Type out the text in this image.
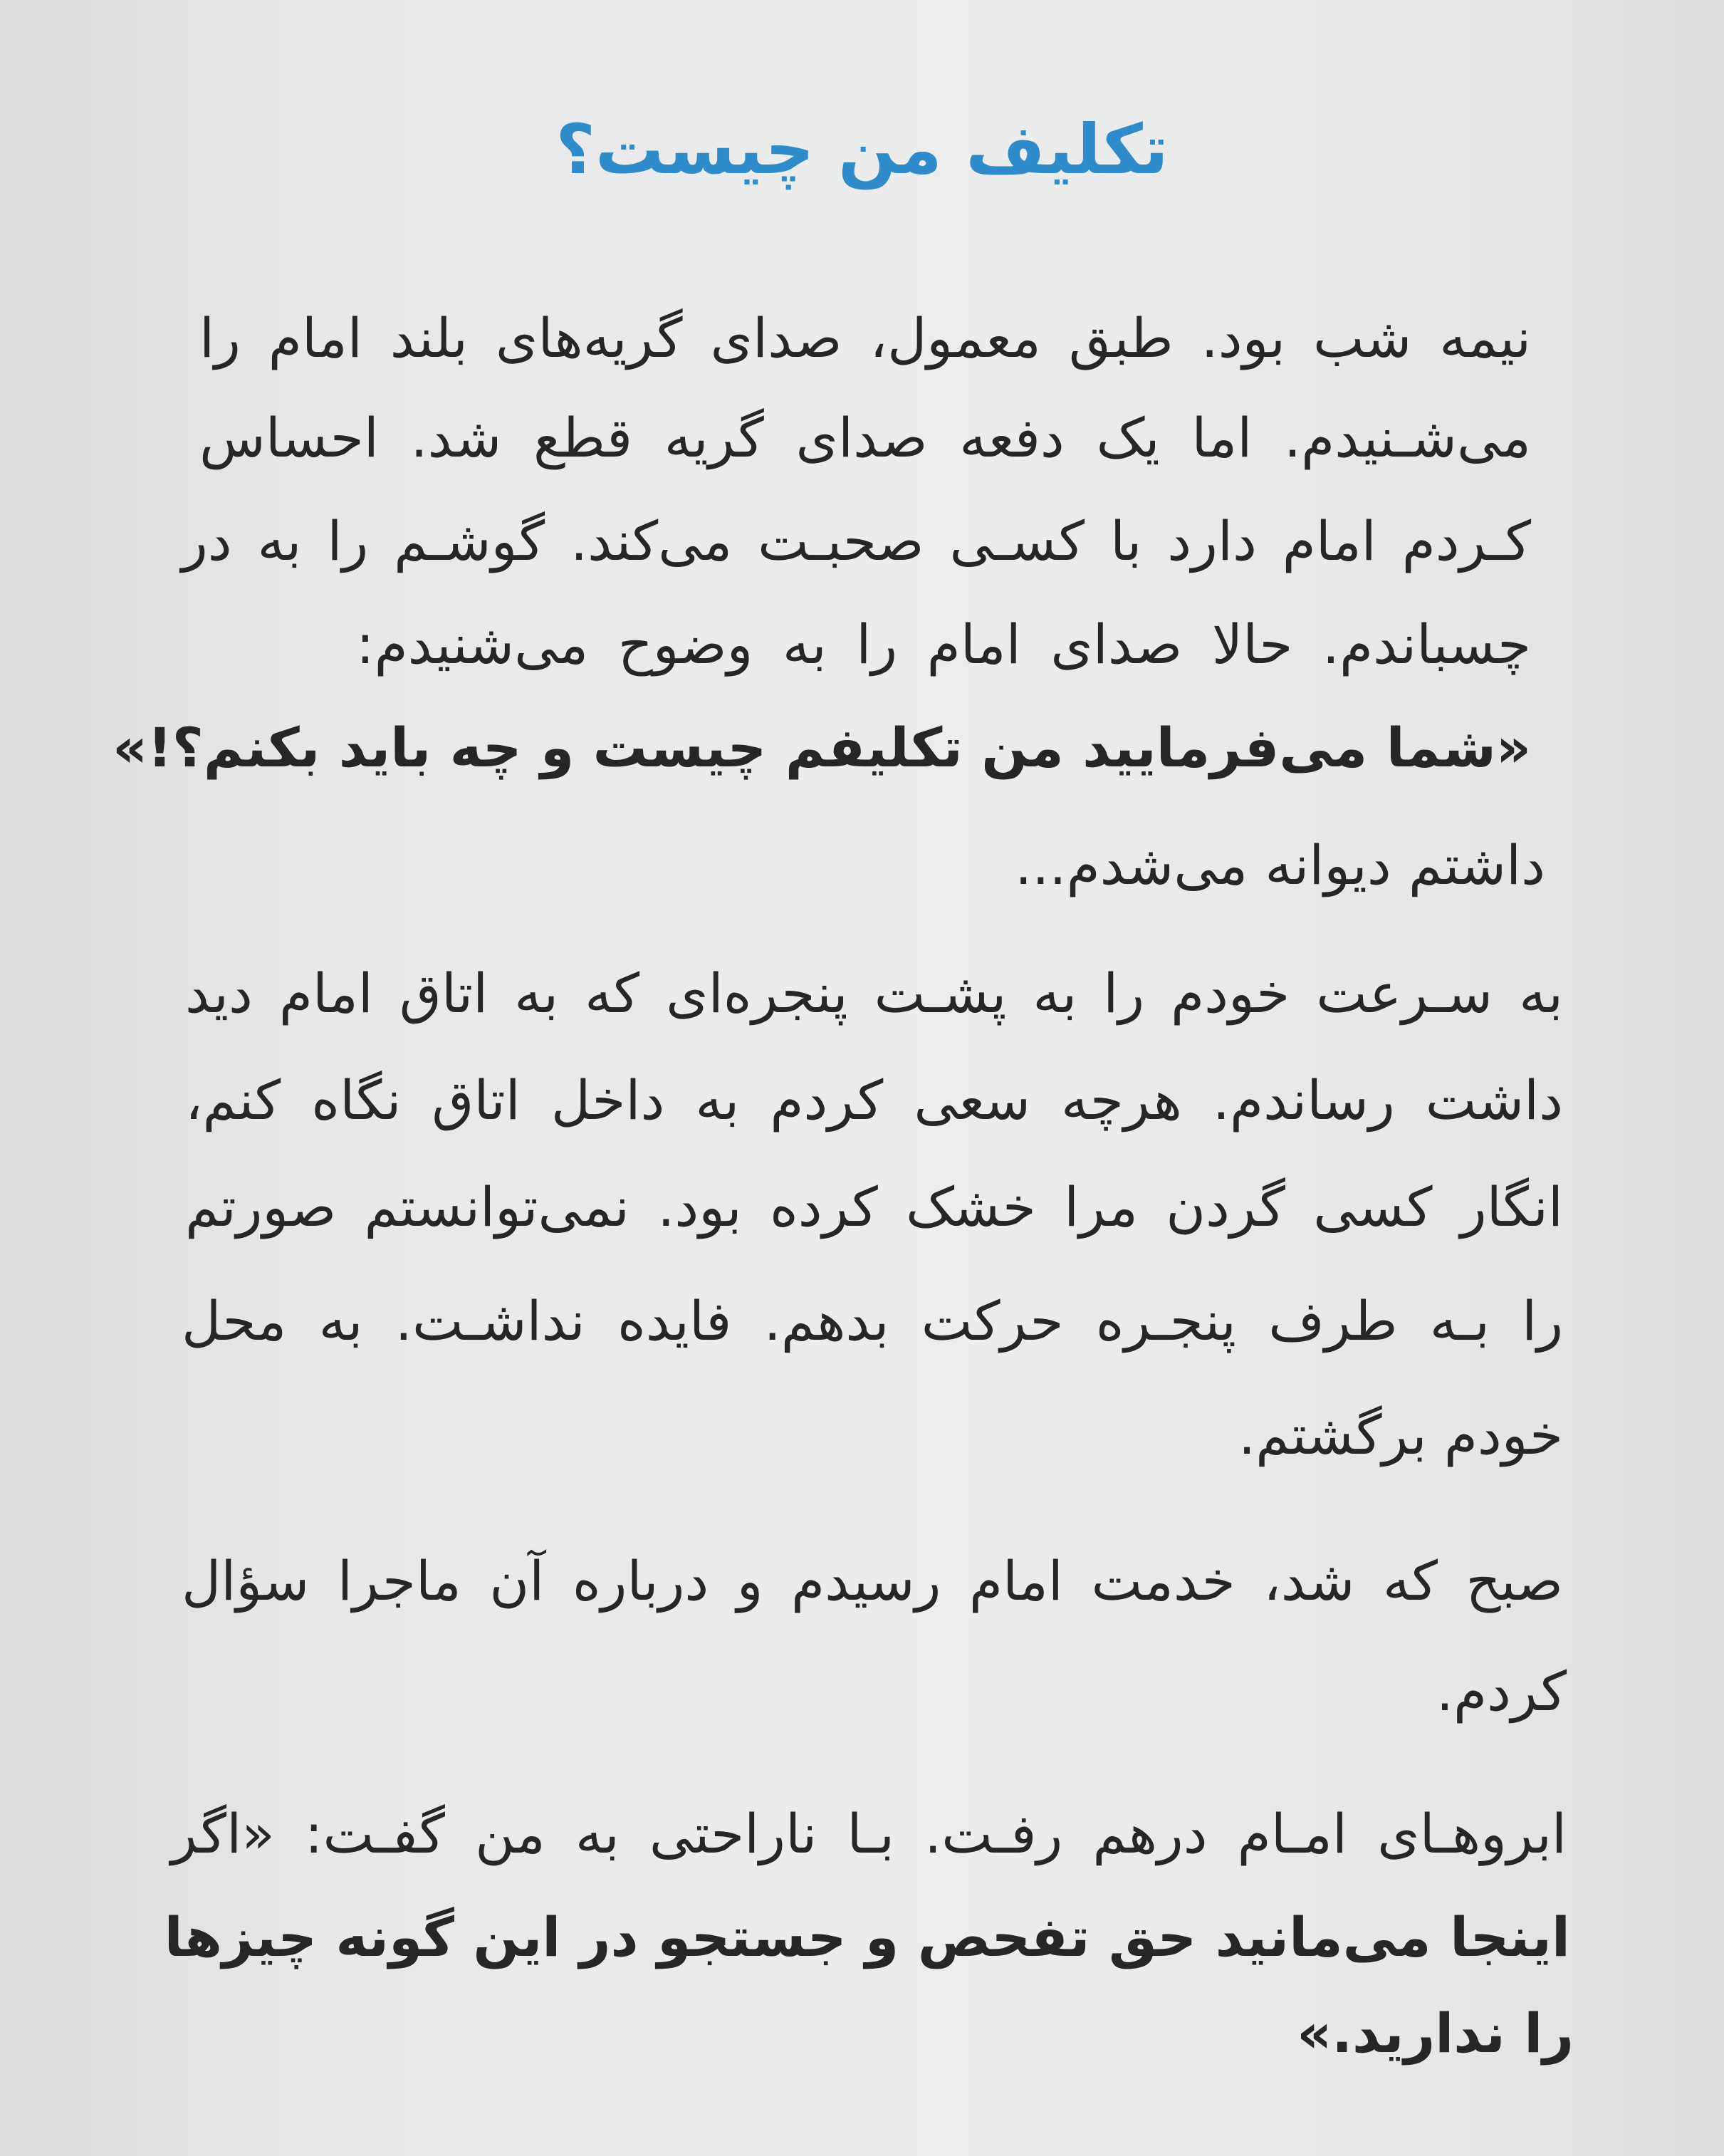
تکلیف من چیست؟
نیمه شب بود. طبق معمول، صدای گریه‌های بلند امام را
می‌شـنیدم. اما یک دفعه صدای گریه قطع شد. احساس
کـردم امام دارد با کسـی صحبـت می‌کند. گوشـم را به در
چسباندم. حالا صدای امام را به وضوح می‌شنیدم:
«شما می‌فرمایید من تکلیفم چیست و چه باید بکنم؟!»
داشتم دیوانه می‌شدم...
به سـرعت خودم را به پشـت پنجره‌ای که به اتاق امام دید
داشت رساندم. هرچه سعی کردم به داخل اتاق نگاه کنم،
انگار کسی گردن مرا خشک کرده بود. نمی‌توانستم صورتم
را بـه طرف پنجـره حرکت بدهم. فایده نداشـت. به محل
خودم برگشتم.
صبح که شد، خدمت امام رسیدم و درباره آن ماجرا سؤال
کردم.
ابروهـای امـام درهم رفـت. بـا ناراحتی به من گفـت: «اگر
اینجا می‌مانید حق تفحص و جستجو در این گونه چیزها
را ندارید.»
